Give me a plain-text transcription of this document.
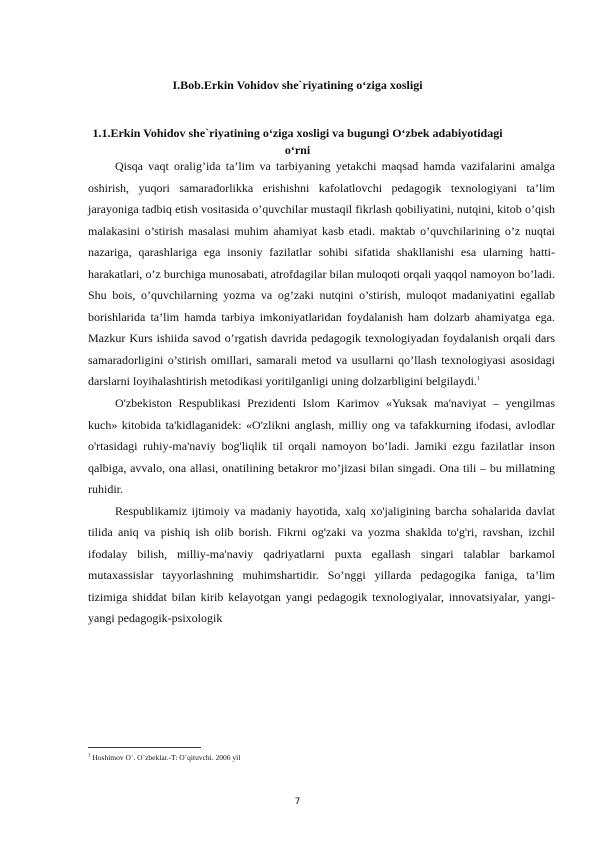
I.Bob.Erkin Vohidov she`riyatining o‘ziga xosligi
1.1.Erkin Vohidov she`riyatining o‘ziga xosligi va bugungi O‘zbek adabiyotidagi o‘rni

Qisqa vaqt oralig’ida ta’lim va tarbiyaning yetakchi maqsad hamda vazifalarini amalga oshirish, yuqori samaradorlikka erishishni kafolatlovchi pedagogik texnologiyani ta’lim jarayoniga tadbiq etish vositasida o’quvchilar mustaqil fikrlash qobiliyatini, nutqini, kitob o’qish malakasini o’stirish masalasi muhim ahamiyat kasb etadi. maktab o’quvchilarining o’z nuqtai nazariga, qarashlariga ega insoniy fazilatlar sohibi sifatida shakllanishi esa ularning hatti-harakatlari, o’z burchiga munosabati, atrofdagilar bilan muloqoti orqali yaqqol namoyon bo’ladi. Shu bois, o’quvchilarning yozma va og’zaki nutqini o’stirish, muloqot madaniyatini egallab borishlarida ta’lim hamda tarbiya imkoniyatlaridan foydalanish ham dolzarb ahamiyatga ega. Mazkur Kurs ishiida savod o’rgatish davrida pedagogik texnologiyadan foydalanish orqali dars samaradorligini o’stirish omillari, samarali metod va usullarni qo’llash texnologiyasi asosidagi darslarni loyihalashtirish metodikasi yoritilganligi uning dolzarbligini belgilaydi.$^1$

O'zbekiston Respublikasi Prezidenti Islom Karimov «Yuksak ma'naviyat – yengilmas kuch» kitobida ta'kidlaganidek: «O'zlikni anglash, milliy ong va tafakkurning ifodasi, avlodlar o'rtasidagi ruhiy-ma'naviy bog'liqlik til orqali namoyon bo’ladi. Jamiki ezgu fazilatlar inson qalbiga, avvalo, ona allasi, onatilining betakror mo’jizasi bilan singadi. Ona tili – bu millatning ruhidir.

Respublikamiz ijtimoiy va madaniy hayotida, xalq xo'jaligining barcha sohalarida davlat tilida aniq va pishiq ish olib borish. Fikrni og'zaki va yozma shaklda to'g'ri, ravshan, izchil ifodalay bilish, milliy-ma'naviy qadriyatlarni puxta egallash singari talablar barkamol mutaxassislar tayyorlashning muhimshartidir. So’nggi yillarda pedagogika faniga, ta’lim tizimiga shiddat bilan kirib kelayotgan yangi pedagogik texnologiyalar, innovatsiyalar, yangi-yangi pedagogik-psixologik

$^1$ Hoshimov O`. O`zbeklar.-T: O`qituvchi. 2006 yil
7
